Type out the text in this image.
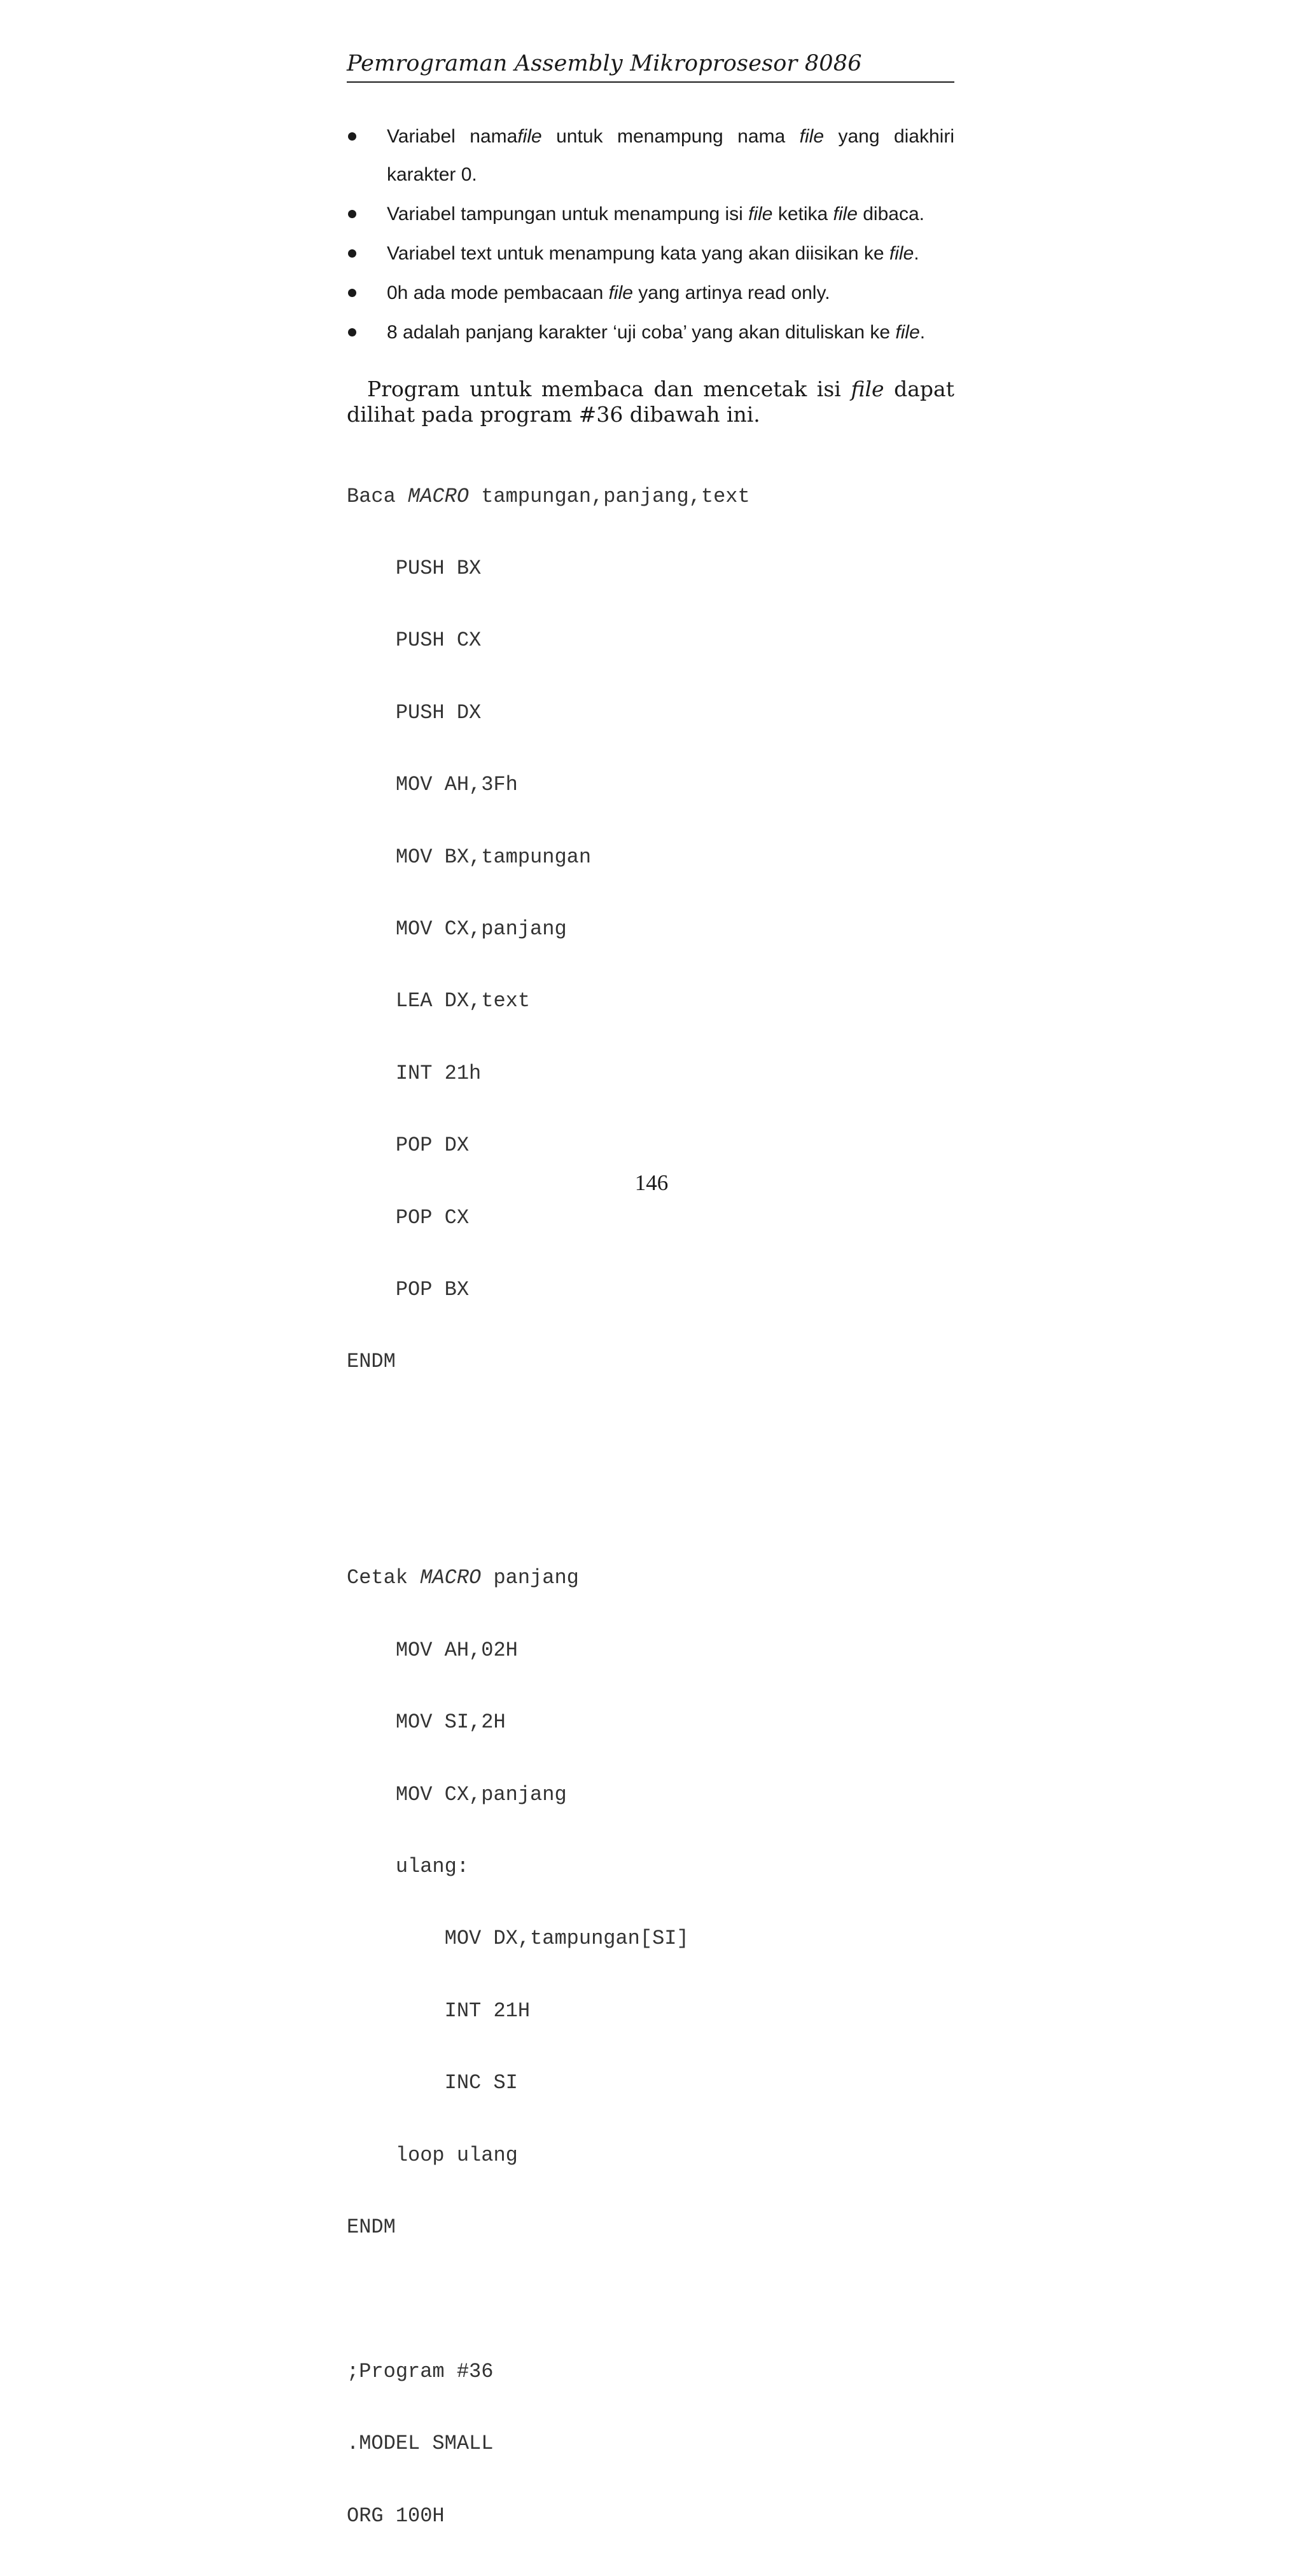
Pemrograman Assembly Mikroprosesor 8086
Variabel namafile untuk menampung nama file yang diakhiri
karakter 0.
Variabel tampungan untuk menampung isi file ketika file dibaca.
Variabel text untuk menampung kata yang akan diisikan ke file.
0h ada mode pembacaan file yang artinya read only.
8 adalah panjang karakter ‘uji coba’ yang akan dituliskan ke file.
Program untuk membaca dan mencetak isi file dapat
dilihat pada program #36 dibawah ini.

Baca MACRO tampungan,panjang,text

PUSH BX

PUSH CX

PUSH DX

MOV AH,3Fh

MOV BX,tampungan

MOV CX,panjang

LEA DX,text

INT 21h

POP DX

POP CX

POP BX

ENDM

Cetak MACRO panjang

MOV AH,02H

MOV SI,2H

MOV CX,panjang

ulang:

MOV DX,tampungan[SI]

INT 21H

INC SI

loop ulang

ENDM

;Program #36

.MODEL SMALL

ORG 100H

146
